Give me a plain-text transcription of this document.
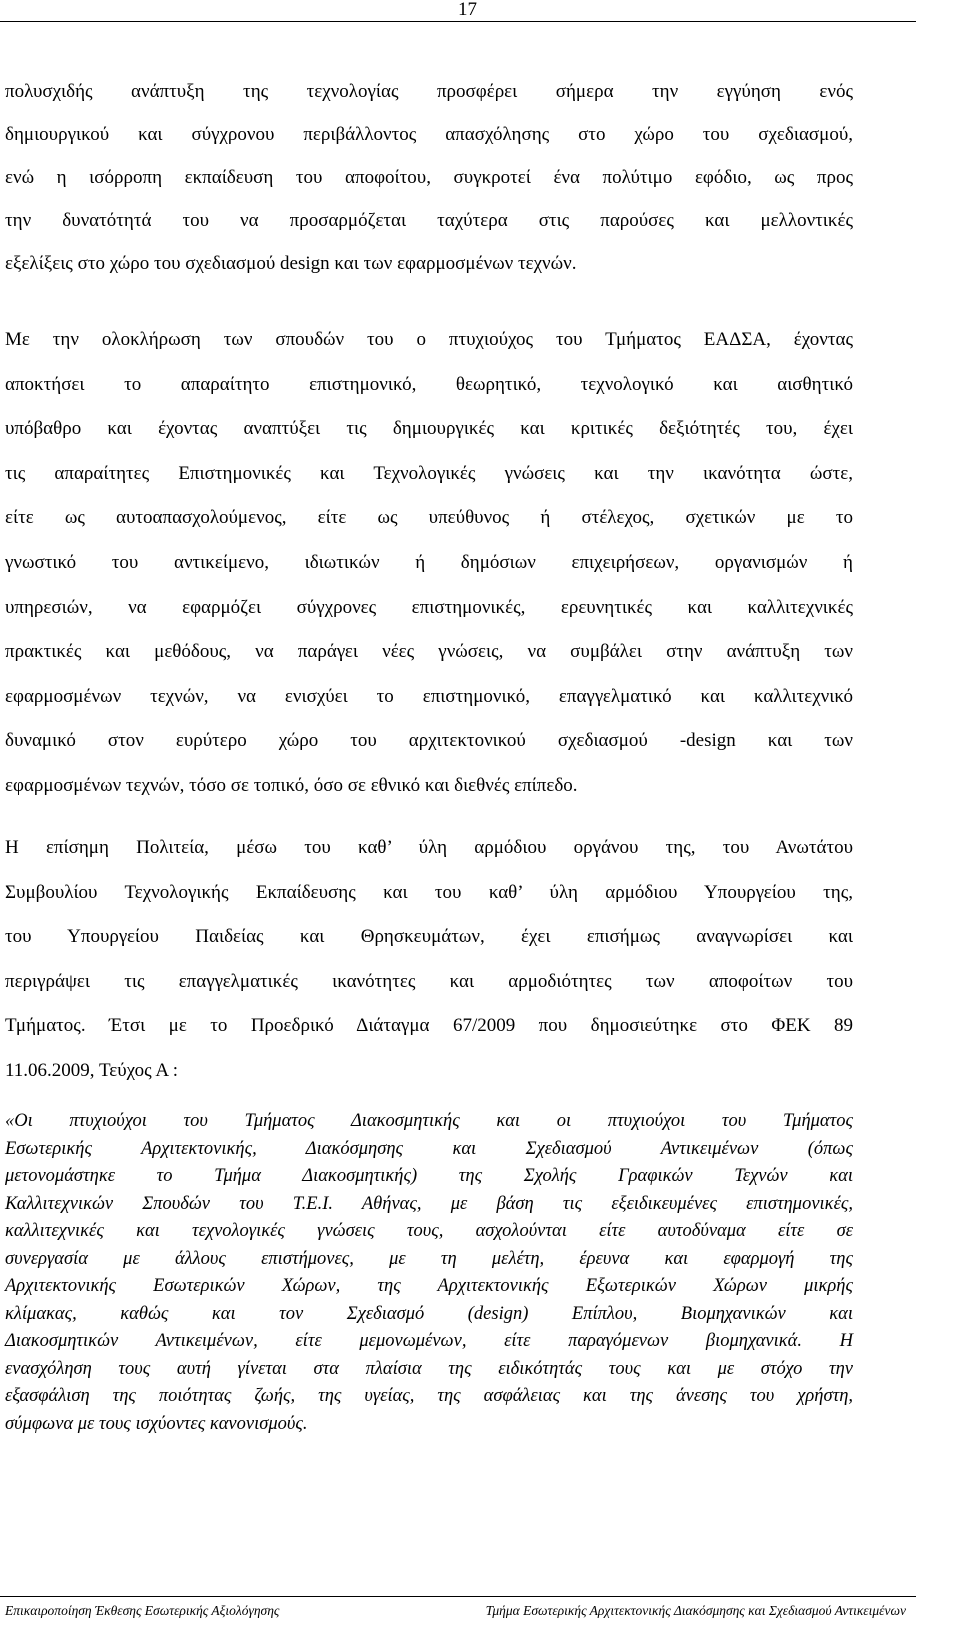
17
πολυσχιδής ανάπτυξη της τεχνολογίας προσφέρει σήμερα την εγγύηση ενός
δημιουργικού και σύγχρονου περιβάλλοντος απασχόλησης στο χώρο του σχεδιασμού,
ενώ η ισόρροπη εκπαίδευση του αποφοίτου, συγκροτεί ένα πολύτιμο εφόδιο, ως προς
την δυνατότητά του να προσαρμόζεται ταχύτερα στις παρούσες και μελλοντικές
εξελίξεις στο χώρο του σχεδιασμού design και των εφαρμοσμένων τεχνών.
Με την ολοκλήρωση των σπουδών του ο πτυχιούχος του Τμήματος ΕΑΔΣΑ, έχοντας
αποκτήσει το απαραίτητο επιστημονικό, θεωρητικό, τεχνολογικό και αισθητικό
υπόβαθρο και έχοντας αναπτύξει τις δημιουργικές και κριτικές δεξιότητές του, έχει
τις απαραίτητες Επιστημονικές και Τεχνολογικές γνώσεις και την ικανότητα ώστε,
είτε ως αυτοαπασχολούμενος, είτε ως υπεύθυνος ή στέλεχος, σχετικών με το
γνωστικό του αντικείμενο, ιδιωτικών ή δημόσιων επιχειρήσεων, οργανισμών ή
υπηρεσιών, να εφαρμόζει σύγχρονες επιστημονικές, ερευνητικές και καλλιτεχνικές
πρακτικές και μεθόδους, να παράγει νέες γνώσεις, να συμβάλει στην ανάπτυξη των
εφαρμοσμένων τεχνών, να ενισχύει το επιστημονικό, επαγγελματικό και καλλιτεχνικό
δυναμικό στον ευρύτερο χώρο του αρχιτεκτονικού σχεδιασμού -design και των
εφαρμοσμένων τεχνών, τόσο σε τοπικό, όσο σε εθνικό και διεθνές επίπεδο.
Η επίσημη Πολιτεία, μέσω του καθ’ ύλη αρμόδιου οργάνου της, του Ανωτάτου
Συμβουλίου Τεχνολογικής Εκπαίδευσης και του καθ’ ύλη αρμόδιου Υπουργείου της,
του Υπουργείου Παιδείας και Θρησκευμάτων, έχει επισήμως αναγνωρίσει και
περιγράψει τις επαγγελματικές ικανότητες και αρμοδιότητες των αποφοίτων του
Τμήματος. Έτσι με το Προεδρικό Διάταγμα 67/2009 που δημοσιεύτηκε στο ΦΕΚ 89
11.06.2009, Τεύχος Α :
«Οι πτυχιούχοι του Τμήματος Διακοσμητικής και οι πτυχιούχοι του Τμήματος
Εσωτερικής Αρχιτεκτονικής, Διακόσμησης και Σχεδιασμού Αντικειμένων (όπως
μετονομάστηκε το Τμήμα Διακοσμητικής) της Σχολής Γραφικών Τεχνών και
Καλλιτεχνικών Σπουδών του Τ.Ε.Ι. Αθήνας, με βάση τις εξειδικευμένες επιστημονικές,
καλλιτεχνικές και τεχνολογικές γνώσεις τους, ασχολούνται είτε αυτοδύναμα είτε σε
συνεργασία με άλλους επιστήμονες, με τη μελέτη, έρευνα και εφαρμογή της
Αρχιτεκτονικής Εσωτερικών Χώρων, της Αρχιτεκτονικής Εξωτερικών Χώρων μικρής
κλίμακας, καθώς και τον Σχεδιασμό (design) Επίπλου, Βιομηχανικών και
Διακοσμητικών Αντικειμένων, είτε μεμονωμένων, είτε παραγόμενων βιομηχανικά. Η
ενασχόληση τους αυτή γίνεται στα πλαίσια της ειδικότητάς τους και με στόχο την
εξασφάλιση της ποιότητας ζωής, της υγείας, της ασφάλειας και της άνεσης του χρήστη,
σύμφωνα με τους ισχύοντες κανονισμούς.
Επικαιροποίηση Έκθεσης Εσωτερικής Αξιολόγησης	Τμήμα Εσωτερικής Αρχιτεκτονικής Διακόσμησης και Σχεδιασμού Αντικειμένων
